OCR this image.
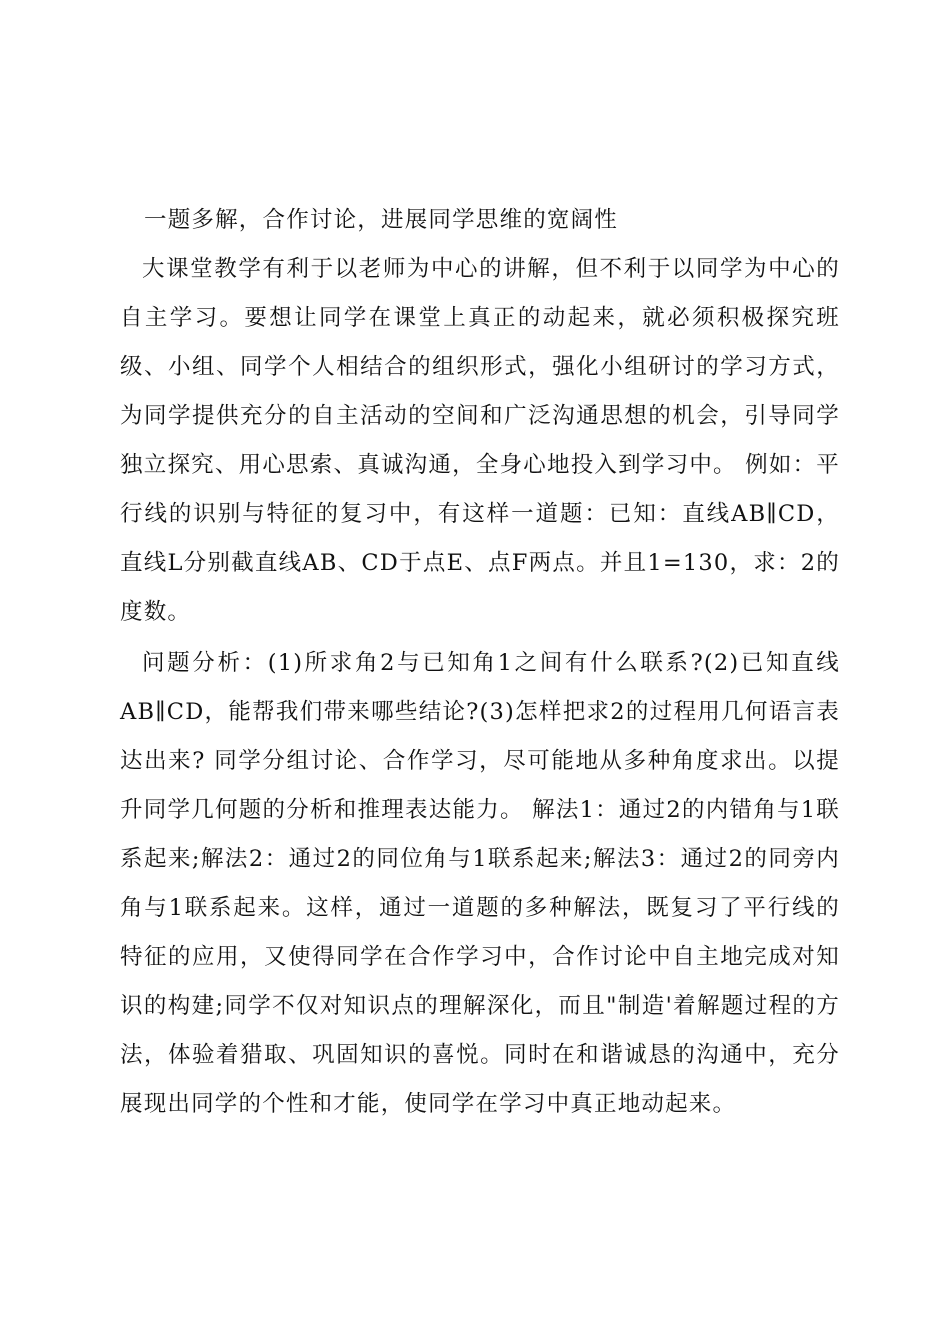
一题多解，合作讨论，进展同学思维的宽阔性

大课堂教学有利于以老师为中心的讲解，但不利于以同学为中心的自主学习。要想让同学在课堂上真正的动起来，就必须积极探究班级、小组、同学个人相结合的组织形式，强化小组研讨的学习方式，为同学提供充分的自主活动的空间和广泛沟通思想的机会，引导同学独立探究、用心思索、真诚沟通，全身心地投入到学习中。 例如：平行线的识别与特征的复习中，有这样一道题：已知：直线AB∥CD，直线L分别截直线AB、CD于点E、点F两点。并且1=130，求：2的度数。

问题分析：(1)所求角2与已知角1之间有什么联系?(2)已知直线AB∥CD，能帮我们带来哪些结论?(3)怎样把求2的过程用几何语言表达出来? 同学分组讨论、合作学习，尽可能地从多种角度求出。以提升同学几何题的分析和推理表达能力。 解法1：通过2的内错角与1联系起来;解法2：通过2的同位角与1联系起来;解法3：通过2的同旁内角与1联系起来。这样，通过一道题的多种解法，既复习了平行线的特征的应用，又使得同学在合作学习中，合作讨论中自主地完成对知识的构建;同学不仅对知识点的理解深化，而且"制造'着解题过程的方法，体验着猎取、巩固知识的喜悦。同时在和谐诚恳的沟通中，充分展现出同学的个性和才能，使同学在学习中真正地动起来。
